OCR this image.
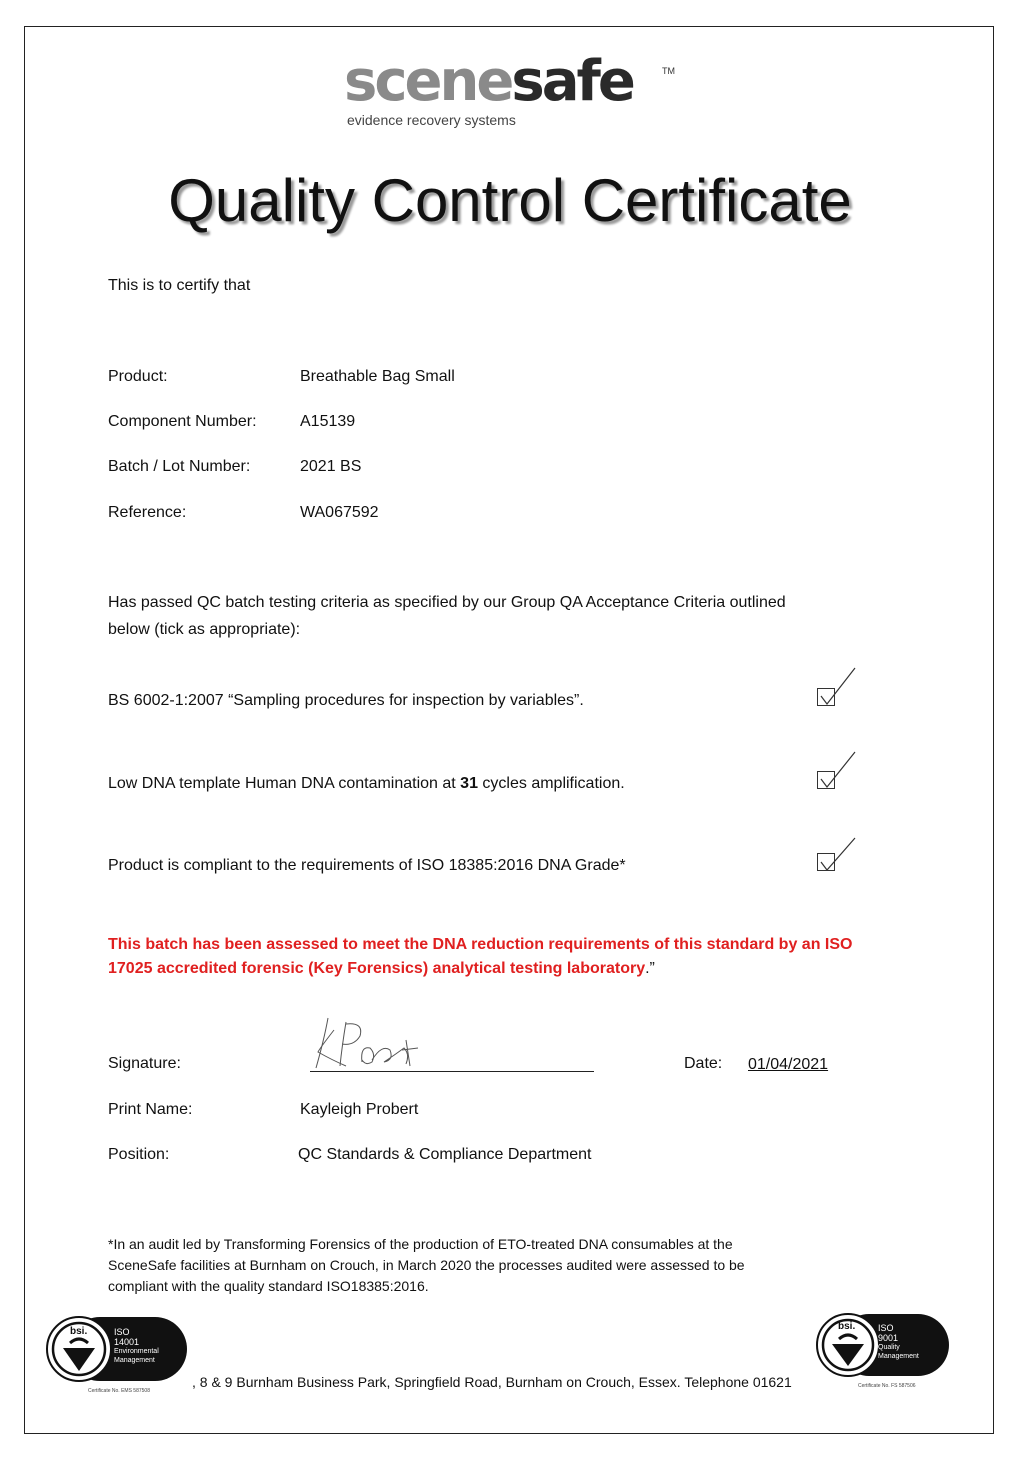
scenesafe	TM
evidence recovery systems
Quality Control Certificate
This is to certify that
Product:	Breathable Bag Small
Component Number:	A15139
Batch / Lot Number:	2021 BS
Reference:	WA067592
Has passed QC batch testing criteria as specified by our Group QA Acceptance Criteria outlined
below (tick as appropriate):
BS 6002-1:2007 “Sampling procedures for inspection by variables”.
Low DNA template Human DNA contamination at 31 cycles amplification.
Product is compliant to the requirements of ISO 18385:2016 DNA Grade*
This batch has been assessed to meet the DNA reduction requirements of this standard by an ISO
17025 accredited forensic (Key Forensics) analytical testing laboratory.”
Signature:	Date: 01/04/2021
Print Name:	Kayleigh Probert
Position:	QC Standards & Compliance Department
*In an audit led by Transforming Forensics of the production of ETO-treated DNA consumables at the
SceneSafe facilities at Burnham on Crouch, in March 2020 the processes audited were assessed to be
compliant with the quality standard ISO18385:2016.
bsi.	ISO
14001
Environmental
Management
Certificate No. EMS 587508
, 8 & 9 Burnham Business Park, Springfield Road, Burnham on Crouch, Essex. Telephone 01621
bsi.	ISO
9001
Quality
Management
Certificate No. FS 587506
